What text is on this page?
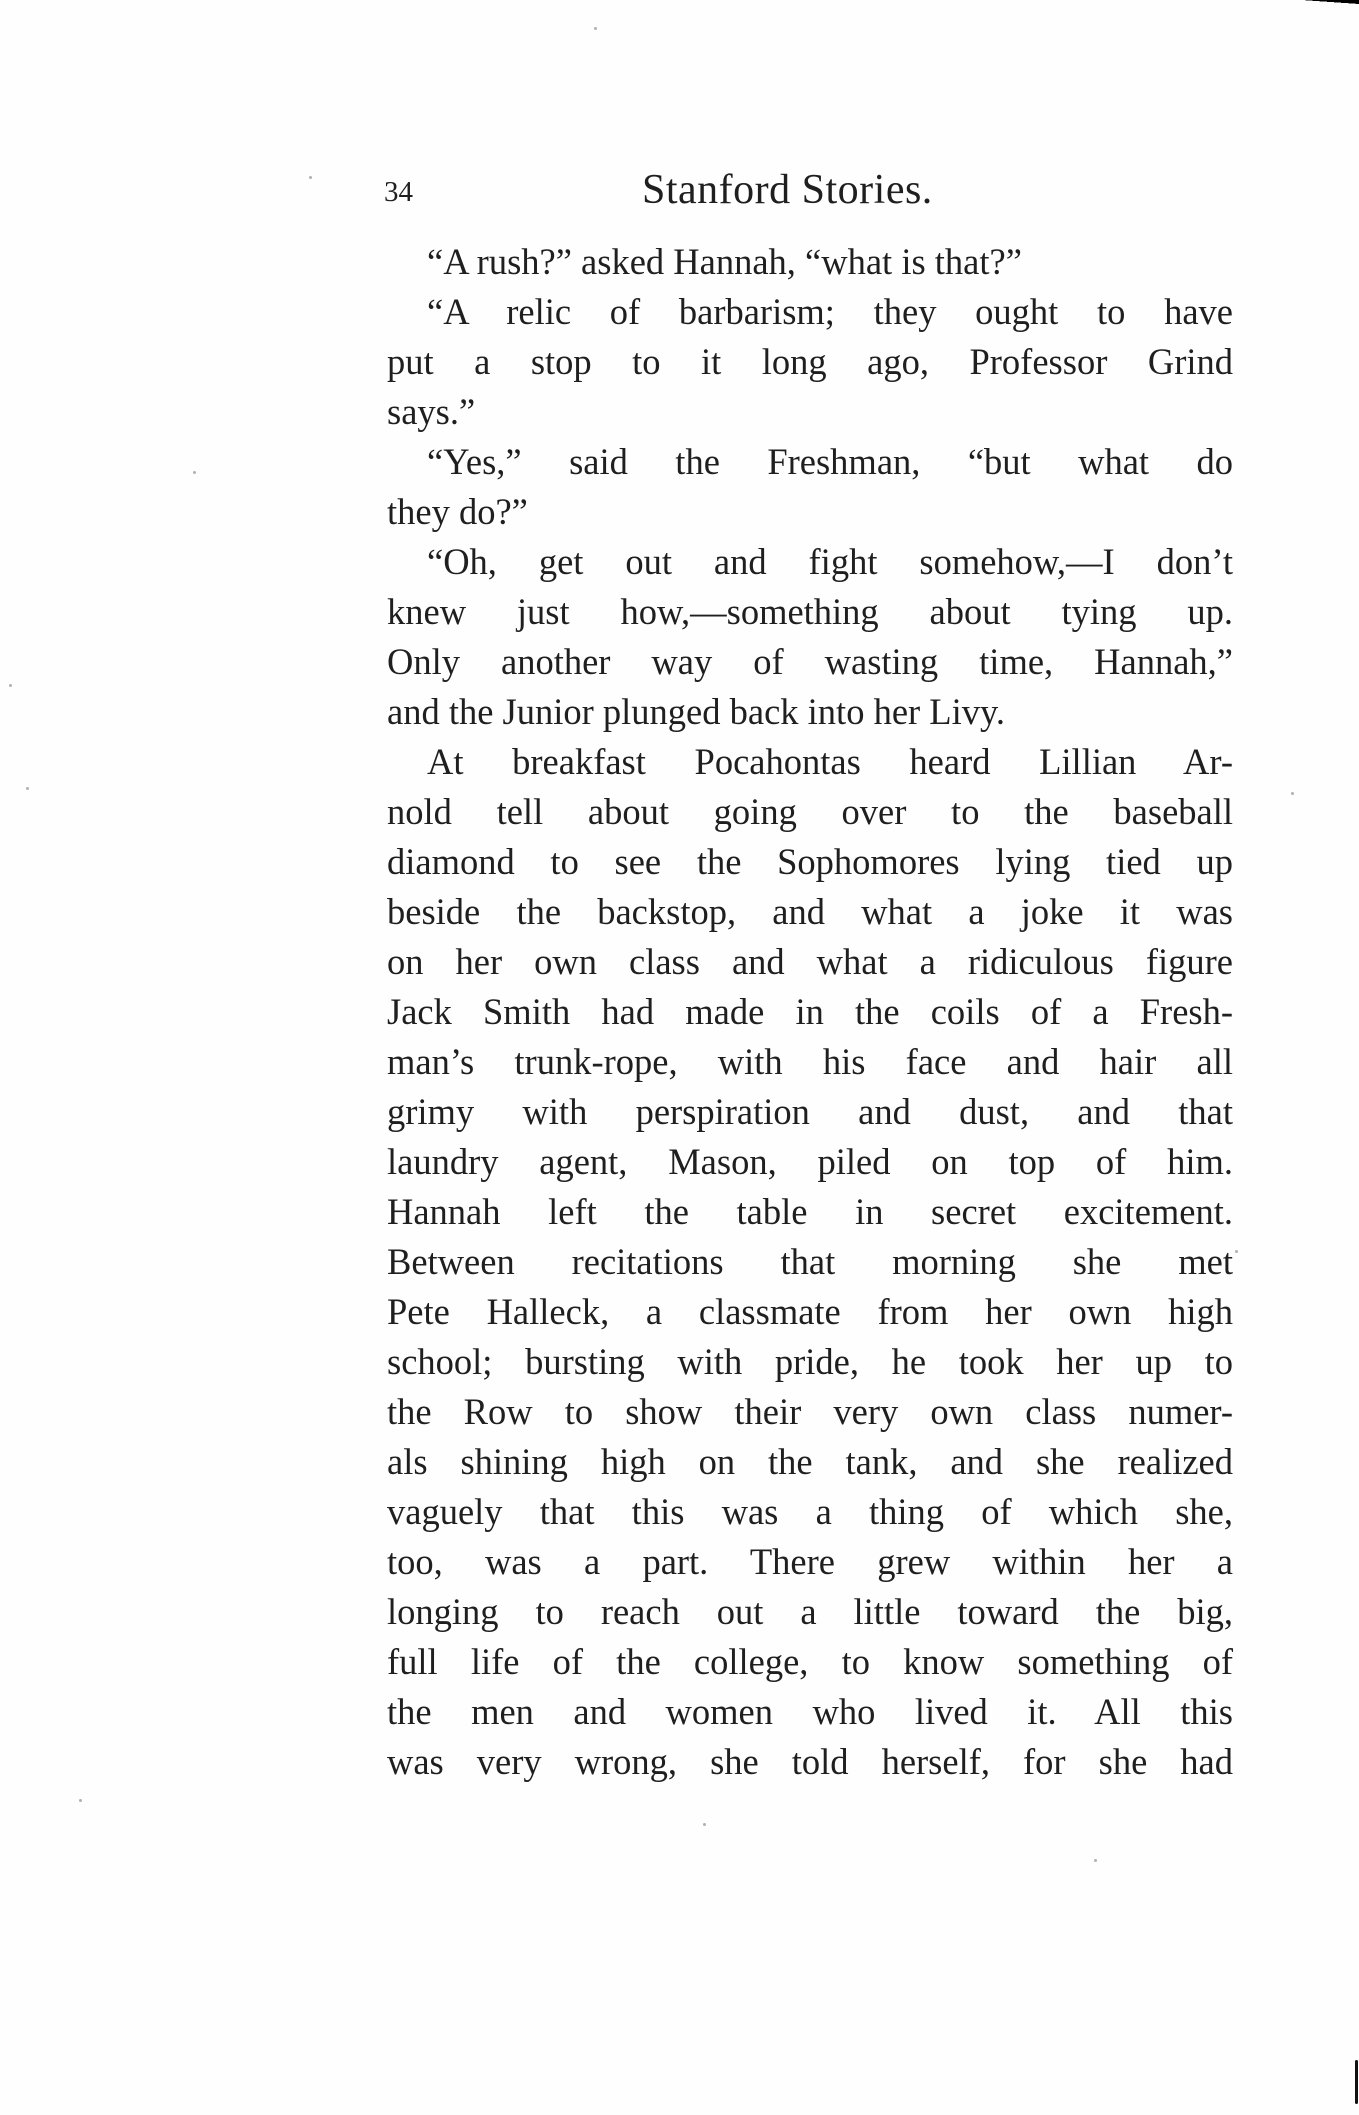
34	Stanford Stories.
“A rush?” asked Hannah, “what is that?”
“A relic of barbarism; they ought to have
put a stop to it long ago, Professor Grind
says.”
“Yes,” said the Freshman, “but what do
they do?”
“Oh, get out and fight somehow,—I don’t
knew just how,—something about tying up.
Only another way of wasting time, Hannah,”
and the Junior plunged back into her Livy.
At breakfast Pocahontas heard Lillian Ar-
nold tell about going over to the baseball
diamond to see the Sophomores lying tied up
beside the backstop, and what a joke it was
on her own class and what a ridiculous figure
Jack Smith had made in the coils of a Fresh-
man’s trunk-rope, with his face and hair all
grimy with perspiration and dust, and that
laundry agent, Mason, piled on top of him.
Hannah left the table in secret excitement.
Between recitations that morning she met
Pete Halleck, a classmate from her own high
school; bursting with pride, he took her up to
the Row to show their very own class numer-
als shining high on the tank, and she realized
vaguely that this was a thing of which she,
too, was a part. There grew within her a
longing to reach out a little toward the big,
full life of the college, to know something of
the men and women who lived it. All this
was very wrong, she told herself, for she had
